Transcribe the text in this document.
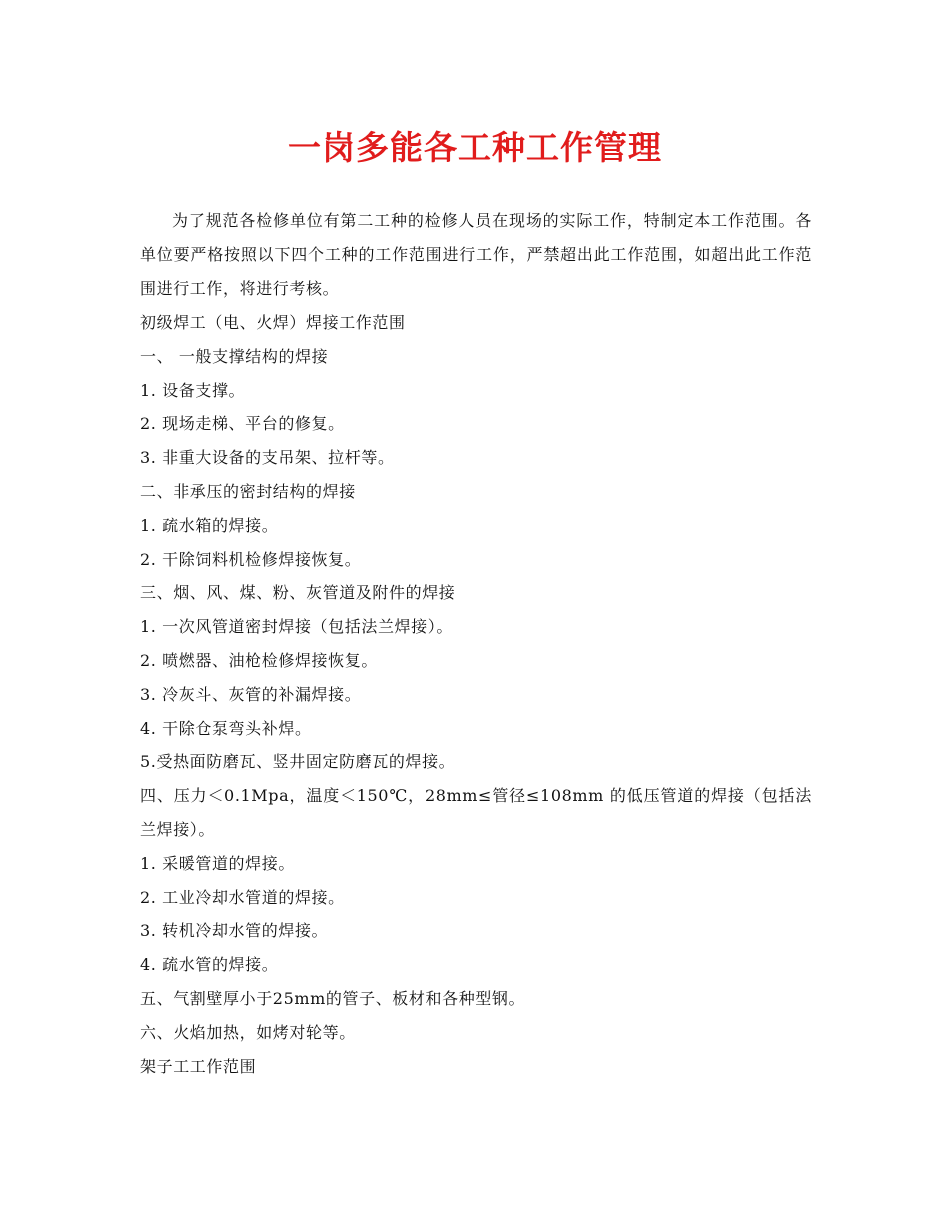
一岗多能各工种工作管理

为了规范各检修单位有第二工种的检修人员在现场的实际工作，特制定本工作范围。各单位要严格按照以下四个工种的工作范围进行工作，严禁超出此工作范围，如超出此工作范围进行工作，将进行考核。

初级焊工（电、火焊）焊接工作范围

一、 一般支撑结构的焊接

1. 设备支撑。

2. 现场走梯、平台的修复。

3. 非重大设备的支吊架、拉杆等。

二、非承压的密封结构的焊接

1. 疏水箱的焊接。

2. 干除饲料机检修焊接恢复。

三、烟、风、煤、粉、灰管道及附件的焊接

1. 一次风管道密封焊接（包括法兰焊接）。

2. 喷燃器、油枪检修焊接恢复。

3. 冷灰斗、灰管的补漏焊接。

4. 干除仓泵弯头补焊。

5.受热面防磨瓦、竖井固定防磨瓦的焊接。

四、压力＜0.1Mpa，温度＜150℃，28mm≤管径≤108mm 的低压管道的焊接（包括法兰焊接）。

1. 采暖管道的焊接。

2. 工业冷却水管道的焊接。

3. 转机冷却水管的焊接。

4. 疏水管的焊接。

五、气割壁厚小于25mm的管子、板材和各种型钢。

六、火焰加热，如烤对轮等。

架子工工作范围
